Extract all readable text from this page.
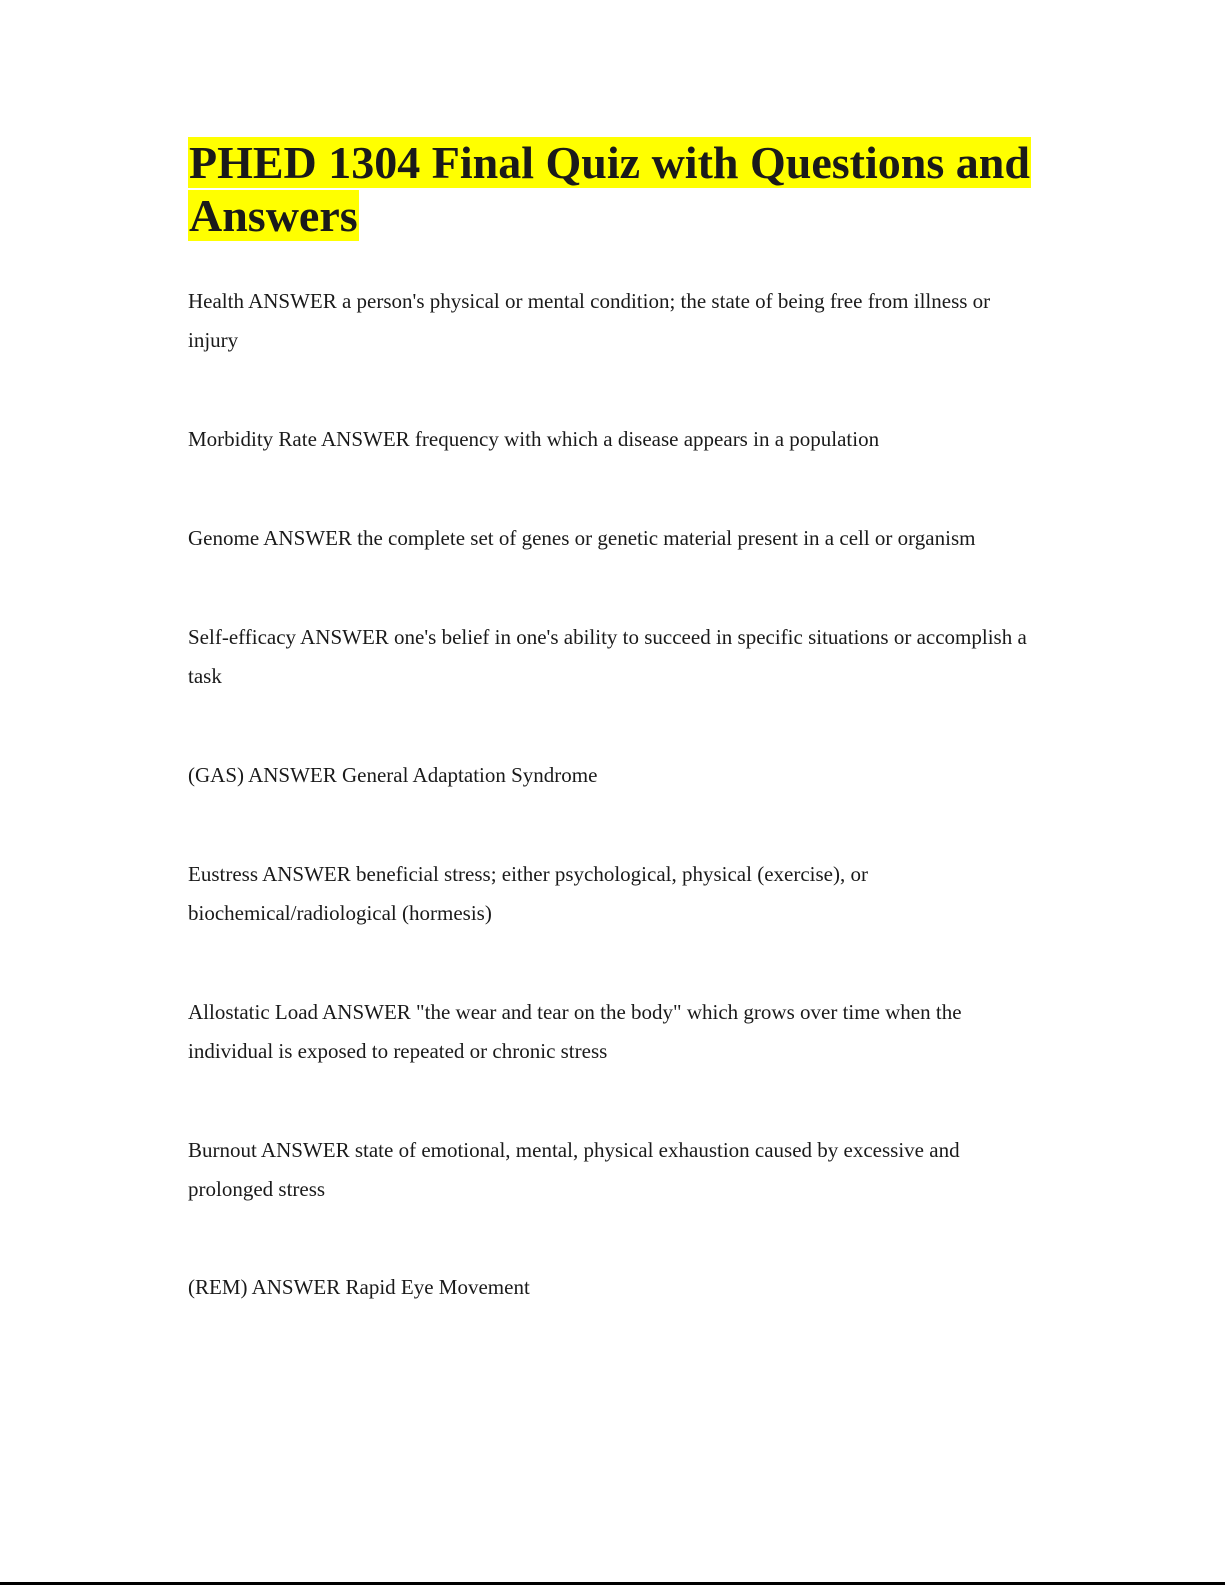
PHED 1304 Final Quiz with Questions and Answers

Health ANSWER a person's physical or mental condition; the state of being free from illness or injury

Morbidity Rate ANSWER frequency with which a disease appears in a population

Genome ANSWER the complete set of genes or genetic material present in a cell or organism

Self-efficacy ANSWER one's belief in one's ability to succeed in specific situations or accomplish a task

(GAS) ANSWER General Adaptation Syndrome

Eustress ANSWER beneficial stress; either psychological, physical (exercise), or biochemical/radiological (hormesis)

Allostatic Load ANSWER "the wear and tear on the body" which grows over time when the individual is exposed to repeated or chronic stress

Burnout ANSWER state of emotional, mental, physical exhaustion caused by excessive and prolonged stress

(REM) ANSWER Rapid Eye Movement
